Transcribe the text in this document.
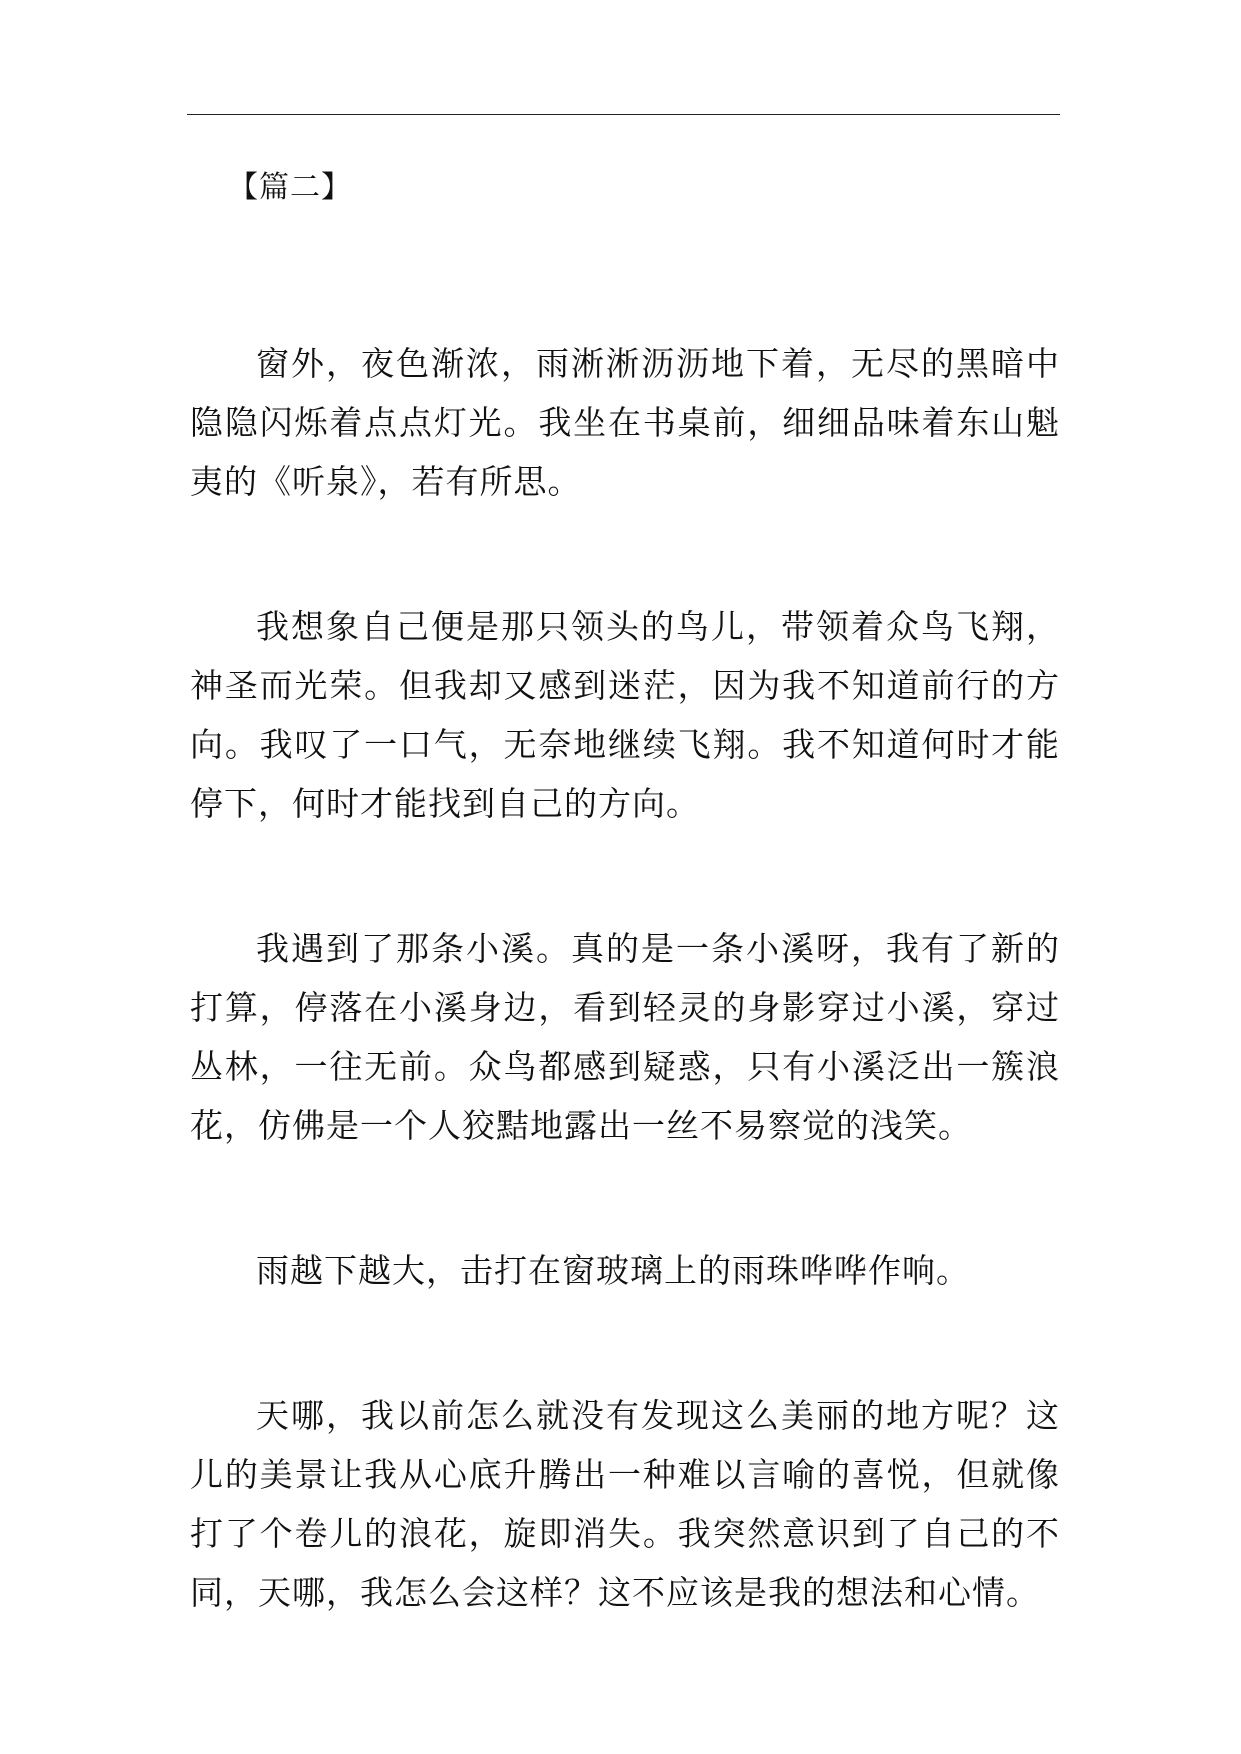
【篇二】

窗外，夜色渐浓，雨淅淅沥沥地下着，无尽的黑暗中隐隐闪烁着点点灯光。我坐在书桌前，细细品味着东山魁夷的《听泉》，若有所思。

我想象自己便是那只领头的鸟儿，带领着众鸟飞翔，神圣而光荣。但我却又感到迷茫，因为我不知道前行的方向。我叹了一口气，无奈地继续飞翔。我不知道何时才能停下，何时才能找到自己的方向。

我遇到了那条小溪。真的是一条小溪呀，我有了新的打算，停落在小溪身边，看到轻灵的身影穿过小溪，穿过丛林，一往无前。众鸟都感到疑惑，只有小溪泛出一簇浪花，仿佛是一个人狡黠地露出一丝不易察觉的浅笑。

雨越下越大，击打在窗玻璃上的雨珠哗哗作响。

天哪，我以前怎么就没有发现这么美丽的地方呢？这儿的美景让我从心底升腾出一种难以言喻的喜悦，但就像打了个卷儿的浪花，旋即消失。我突然意识到了自己的不同，天哪，我怎么会这样？这不应该是我的想法和心情。
